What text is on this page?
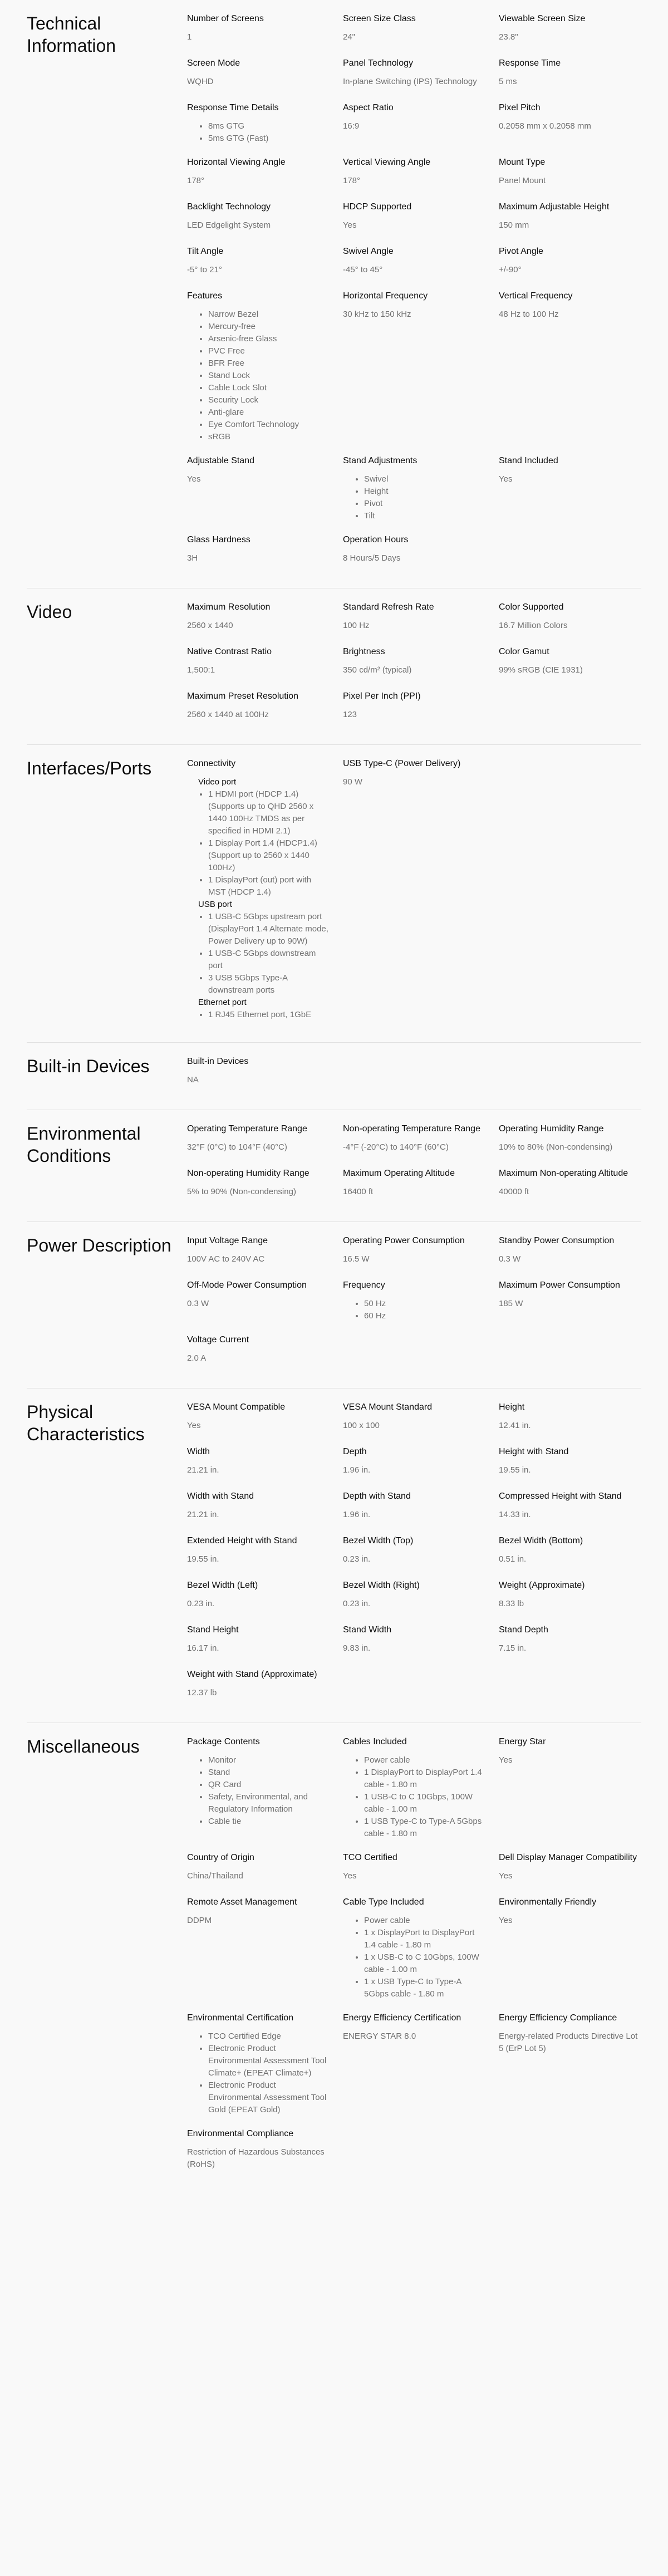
Technical Information
Number of Screens
1
Screen Size Class
24"
Viewable Screen Size
23.8"
Screen Mode
WQHD
Panel Technology
In-plane Switching (IPS) Technology
Response Time
5 ms
Response Time Details
• 8ms GTG
• 5ms GTG (Fast)
Aspect Ratio
16:9
Pixel Pitch
0.2058 mm x 0.2058 mm
Horizontal Viewing Angle
178°
Vertical Viewing Angle
178°
Mount Type
Panel Mount
Backlight Technology
LED Edgelight System
HDCP Supported
Yes
Maximum Adjustable Height
150 mm
Tilt Angle
-5° to 21°
Swivel Angle
-45° to 45°
Pivot Angle
+/-90°
Features
• Narrow Bezel
• Mercury-free
• Arsenic-free Glass
• PVC Free
• BFR Free
• Stand Lock
• Cable Lock Slot
• Security Lock
• Anti-glare
• Eye Comfort Technology
• sRGB
Horizontal Frequency
30 kHz to 150 kHz
Vertical Frequency
48 Hz to 100 Hz
Adjustable Stand
Yes
Stand Adjustments
• Swivel
• Height
• Pivot
• Tilt
Stand Included
Yes
Glass Hardness
3H
Operation Hours
8 Hours/5 Days
Video	Maximum Resolution
2560 x 1440
Standard Refresh Rate
100 Hz
Color Supported
16.7 Million Colors
Native Contrast Ratio
1,500:1
Brightness
350 cd/m² (typical)
Color Gamut
99% sRGB (CIE 1931)
Maximum Preset Resolution
2560 x 1440 at 100Hz
Pixel Per Inch (PPI)
123
Interfaces/Ports	Connectivity
Video port
• 1 HDMI port (HDCP 1.4) (Supports up to QHD 2560 x 1440 100Hz TMDS as per specified in HDMI 2.1)
• 1 Display Port 1.4 (HDCP1.4) (Support up to 2560 x 1440 100Hz)
• 1 DisplayPort (out) port with MST (HDCP 1.4)
USB port
• 1 USB-C 5Gbps upstream port (DisplayPort 1.4 Alternate mode, Power Delivery up to 90W)
• 1 USB-C 5Gbps downstream port
• 3 USB 5Gbps Type-A downstream ports
Ethernet port
• 1 RJ45 Ethernet port, 1GbE
USB Type-C (Power Delivery)
90 W
Built-in Devices	Built-in Devices
NA
Environmental Conditions
Operating Temperature Range
32°F (0°C) to 104°F (40°C)
Non-operating Temperature Range
-4°F (-20°C) to 140°F (60°C)
Operating Humidity Range
10% to 80% (Non-condensing)
Non-operating Humidity Range
5% to 90% (Non-condensing)
Maximum Operating Altitude
16400 ft
Maximum Non-operating Altitude
40000 ft
Power Description	Input Voltage Range
100V AC to 240V AC
Operating Power Consumption
16.5 W
Standby Power Consumption
0.3 W
Off-Mode Power Consumption
0.3 W
Frequency
• 50 Hz
• 60 Hz
Maximum Power Consumption
185 W
Voltage Current
2.0 A
Physical Characteristics
VESA Mount Compatible
Yes
VESA Mount Standard
100 x 100
Height
12.41 in.
Width
21.21 in.
Depth
1.96 in.
Height with Stand
19.55 in.
Width with Stand
21.21 in.
Depth with Stand
1.96 in.
Compressed Height with Stand
14.33 in.
Extended Height with Stand
19.55 in.
Bezel Width (Top)
0.23 in.
Bezel Width (Bottom)
0.51 in.
Bezel Width (Left)
0.23 in.
Bezel Width (Right)
0.23 in.
Weight (Approximate)
8.33 lb
Stand Height
16.17 in.
Stand Width
9.83 in.
Stand Depth
7.15 in.
Weight with Stand (Approximate)
12.37 lb
Miscellaneous	Package Contents
• Monitor
• Stand
• QR Card
• Safety, Environmental, and Regulatory Information
• Cable tie
Cables Included
• Power cable
• 1 DisplayPort to DisplayPort 1.4 cable - 1.80 m
• 1 USB-C to C 10Gbps, 100W cable - 1.00 m
• 1 USB Type-C to Type-A 5Gbps cable - 1.80 m
Energy Star
Yes
Country of Origin
China/Thailand
TCO Certified
Yes
Dell Display Manager Compatibility
Yes
Remote Asset Management
DDPM
Cable Type Included
• Power cable
• 1 x DisplayPort to DisplayPort 1.4 cable - 1.80 m
• 1 x USB-C to C 10Gbps, 100W cable - 1.00 m
• 1 x USB Type-C to Type-A 5Gbps cable - 1.80 m
Environmentally Friendly
Yes
Environmental Certification
• TCO Certified Edge
• Electronic Product Environmental Assessment Tool Climate+ (EPEAT Climate+)
• Electronic Product Environmental Assessment Tool Gold (EPEAT Gold)
Energy Efficiency Certification
ENERGY STAR 8.0
Energy Efficiency Compliance
Energy-related Products Directive Lot 5 (ErP Lot 5)
Environmental Compliance
Restriction of Hazardous Substances (RoHS)
